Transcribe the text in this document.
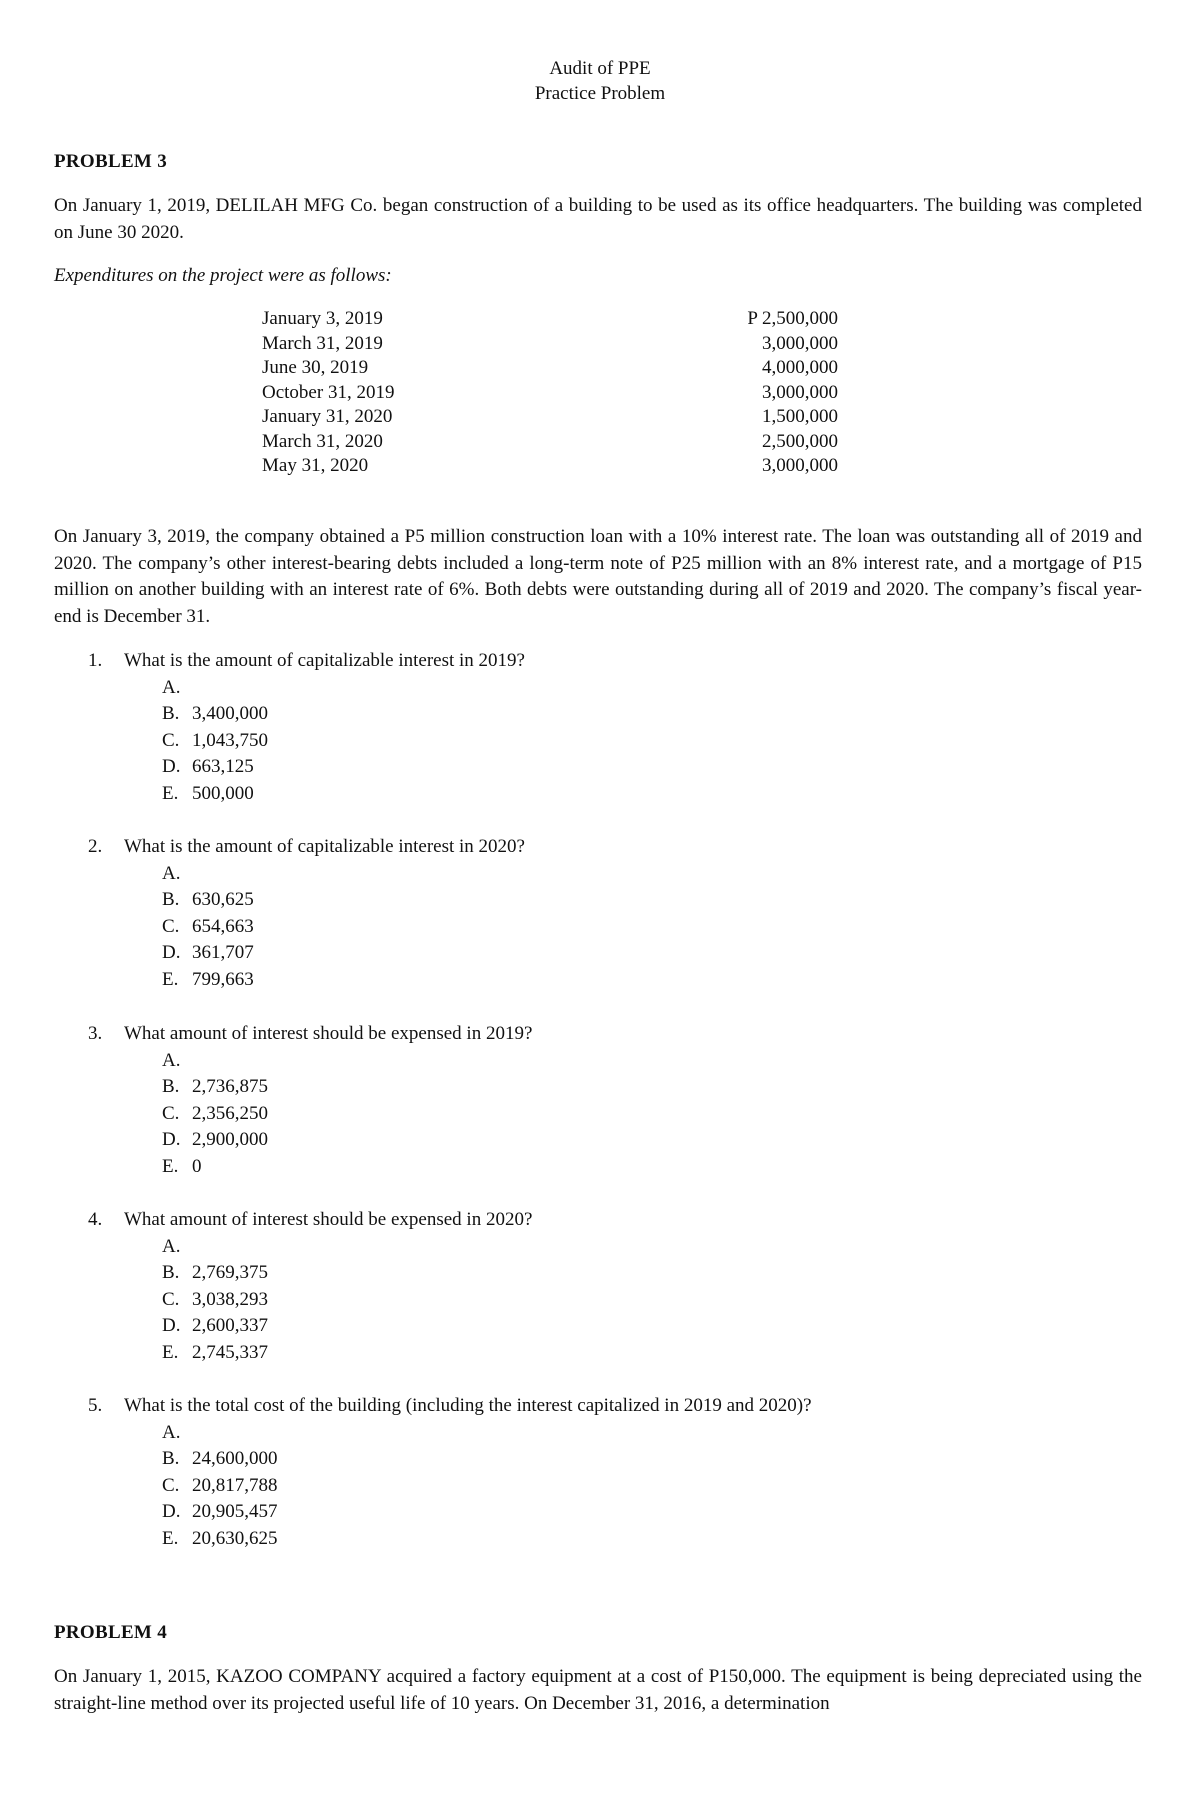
Audit of PPE
Practice Problem
PROBLEM 3
On January 1, 2019, DELILAH MFG Co. began construction of a building to be used as its office headquarters. The building was completed on June 30 2020.
Expenditures on the project were as follows:
January 3, 2019	P 2,500,000
March 31, 2019	3,000,000
June 30, 2019	4,000,000
October 31, 2019	3,000,000
January 31, 2020	1,500,000
March 31, 2020	2,500,000
May 31, 2020	3,000,000
On January 3, 2019, the company obtained a P5 million construction loan with a 10% interest rate. The loan was outstanding all of 2019 and 2020. The company’s other interest-bearing debts included a long-term note of P25 million with an 8% interest rate, and a mortgage of P15 million on another building with an interest rate of 6%. Both debts were outstanding during all of 2019 and 2020. The company’s fiscal year-end is December 31.
1.	What is the amount of capitalizable interest in 2019?
A.
B. 3,400,000
C. 1,043,750
D. 663,125
E. 500,000
2.	What is the amount of capitalizable interest in 2020?
A.
B. 630,625
C. 654,663
D. 361,707
E. 799,663
3.	What amount of interest should be expensed in 2019?
A.
B. 2,736,875
C. 2,356,250
D. 2,900,000
E. 0
4.	What amount of interest should be expensed in 2020?
A.
B. 2,769,375
C. 3,038,293
D. 2,600,337
E. 2,745,337
5.	What is the total cost of the building (including the interest capitalized in 2019 and 2020)?
A.
B. 24,600,000
C. 20,817,788
D. 20,905,457
E. 20,630,625
PROBLEM 4
On January 1, 2015, KAZOO COMPANY acquired a factory equipment at a cost of P150,000. The equipment is being depreciated using the straight-line method over its projected useful life of 10 years. On December 31, 2016, a determination
